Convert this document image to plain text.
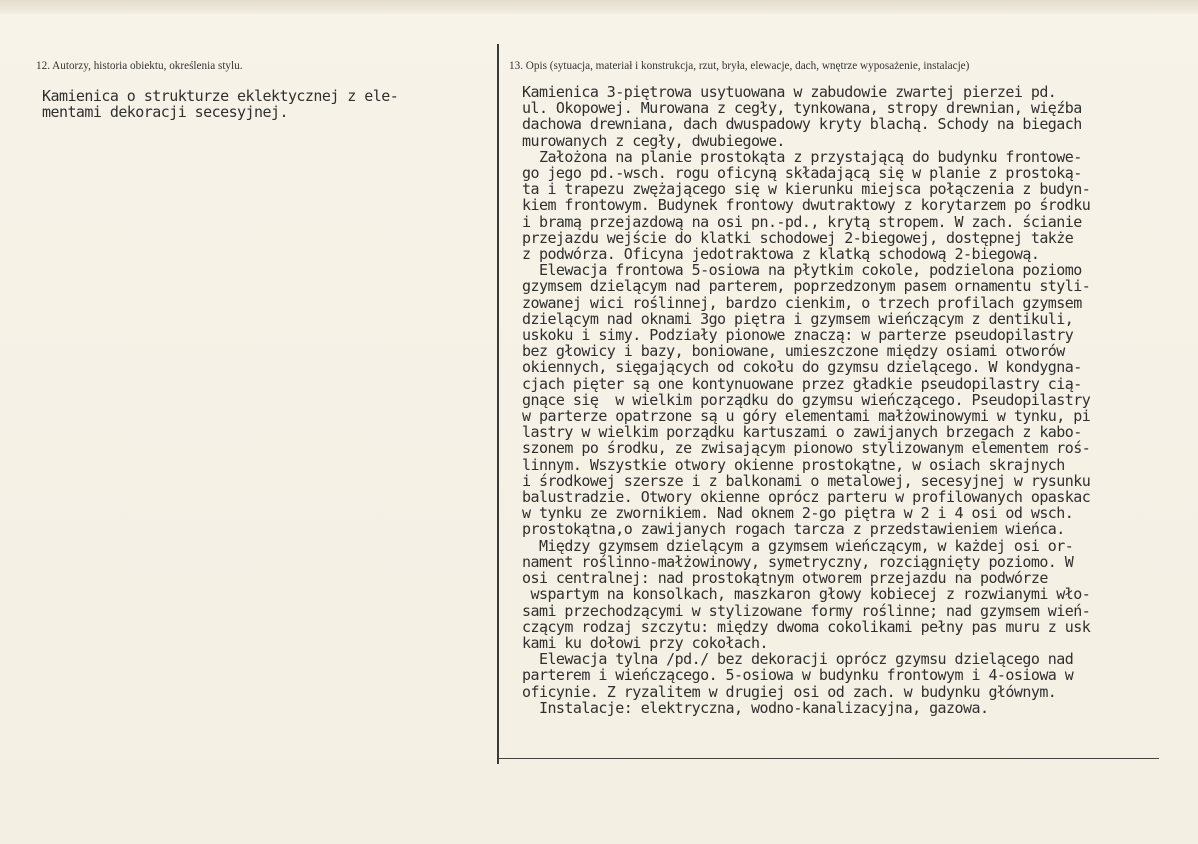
12. Autorzy, historia obiektu, określenia stylu.	13. Opis (sytuacja, materiał i konstrukcja, rzut, bryła, elewacje, dach, wnętrze wyposażenie, instalacje)
Kamienica o strukturze eklektycznej z ele-
mentami dekoracji secesyjnej.
Kamienica 3-piętrowa usytuowana w zabudowie zwartej pierzei pd.
ul. Okopowej. Murowana z cegły, tynkowana, stropy drewnian, więźba
dachowa drewniana, dach dwuspadowy kryty blachą. Schody na biegach
murowanych z cegły, dwubiegowe.
Założona na planie prostokąta z przystającą do budynku frontowe-
go jego pd.-wsch. rogu oficyną składającą się w planie z prostoką-
ta i trapezu zwężającego się w kierunku miejsca połączenia z budyn-
kiem frontowym. Budynek frontowy dwutraktowy z korytarzem po środku
i bramą przejazdową na osi pn.-pd., krytą stropem. W zach. ścianie
przejazdu wejście do klatki schodowej 2-biegowej, dostępnej także
z podwórza. Oficyna jedotraktowa z klatką schodową 2-biegową.
Elewacja frontowa 5-osiowa na płytkim cokole, podzielona poziomo
gzymsem dzielącym nad parterem, poprzedzonym pasem ornamentu styli-
zowanej wici roślinnej, bardzo cienkim, o trzech profilach gzymsem
dzielącym nad oknami 3go piętra i gzymsem wieńczącym z dentikuli,
uskoku i simy. Podziały pionowe znaczą: w parterze pseudopilastry
bez głowicy i bazy, boniowane, umieszczone między osiami otworów
okiennych, sięgających od cokołu do gzymsu dzielącego. W kondygna-
cjach pięter są one kontynuowane przez gładkie pseudopilastry cią-
gnące się  w wielkim porządku do gzymsu wieńczącego. Pseudopilastry
w parterze opatrzone są u góry elementami małżowinowymi w tynku, pi
lastry w wielkim porządku kartuszami o zawijanych brzegach z kabo-
szonem po środku, ze zwisającym pionowo stylizowanym elementem roś-
linnym. Wszystkie otwory okienne prostokątne, w osiach skrajnych
i środkowej szersze i z balkonami o metalowej, secesyjnej w rysunku
balustradzie. Otwory okienne oprócz parteru w profilowanych opaskac
w tynku ze zwornikiem. Nad oknem 2-go piętra w 2 i 4 osi od wsch.
prostokątna,o zawijanych rogach tarcza z przedstawieniem wieńca.
Między gzymsem dzielącym a gzymsem wieńczącym, w każdej osi or-
nament roślinno-małżowinowy, symetryczny, rozciągnięty poziomo. W
osi centralnej: nad prostokątnym otworem przejazdu na podwórze
wspartym na konsolkach, maszkaron głowy kobiecej z rozwianymi wło-
sami przechodzącymi w stylizowane formy roślinne; nad gzymsem wień-
czącym rodzaj szczytu: między dwoma cokolikami pełny pas muru z usk
kami ku dołowi przy cokołach.
Elewacja tylna /pd./ bez dekoracji oprócz gzymsu dzielącego nad
parterem i wieńczącego. 5-osiowa w budynku frontowym i 4-osiowa w
oficynie. Z ryzalitem w drugiej osi od zach. w budynku głównym.
Instalacje: elektryczna, wodno-kanalizacyjna, gazowa.
